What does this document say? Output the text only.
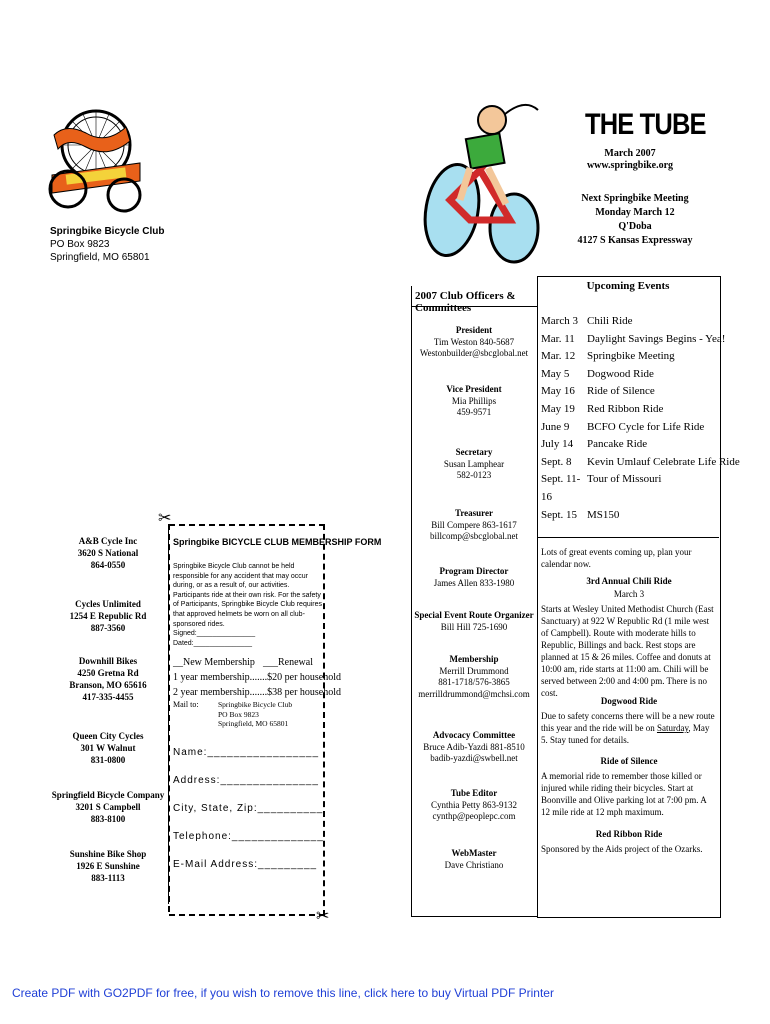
Springbike Bicycle Club
PO Box 9823
Springfield, MO 65801
THE TUBE
March 2007
www.springbike.org
Next Springbike Meeting
Monday March 12
Q'Doba
4127 S Kansas Expressway
2007 Club Officers & Committees
President
Tim Weston 840-5687
Westonbuilder@sbcglobal.net
Vice President
Mia Phillips
459-9571
Secretary
Susan Lamphear
582-0123
Treasurer
Bill Compere 863-1617
billcomp@sbcglobal.net
Program Director
James Allen 833-1980
Special Event Route Organizer
Bill Hill 725-1690
Membership
Merrill Drummond
881-1718/576-3865
merrilldrummond@mchsi.com
Advocacy Committee
Bruce Adib-Yazdi 881-8510
badib-yazdi@swbell.net
Tube Editor
Cynthia Petty 863-9132
cynthp@peoplepc.com
WebMaster
Dave Christiano
Upcoming Events
March 3	Chili Ride
Mar. 11	Daylight Savings Begins - Yea!
Mar. 12	Springbike Meeting
May 5	Dogwood Ride
May 16	Ride of Silence
May 19	Red Ribbon Ride
June 9	BCFO Cycle for Life Ride
July 14	Pancake Ride
Sept. 8	Kevin Umlauf Celebrate Life Ride
Sept. 11-16	Tour of Missouri
Sept. 15	MS150
Lots of great events coming up, plan your calendar now.
3rd Annual Chili Ride
March 3
Starts at Wesley United Methodist Church (East Sanctuary) at 922 W Republic Rd (1 mile west of Campbell). Route with moderate hills to Republic, Billings and back. Rest stops are planned at 15 & 26 miles. Coffee and donuts at 10:00 am, ride starts at 11:00 am. Chili will be served between 2:00 and 4:00 pm. There is no cost.
Dogwood Ride
Due to safety concerns there will be a new route this year and the ride will be on Saturday, May 5. Stay tuned for details.
Ride of Silence
A memorial ride to remember those killed or injured while riding their bicycles. Start at Boonville and Olive parking lot at 7:00 pm. A 12 mile ride at 12 mph maximum.
Red Ribbon Ride
Sponsored by the Aids project of the Ozarks.
A&B Cycle Inc
3620 S National
864-0550
Cycles Unlimited
1254 E Republic Rd
887-3560
Downhill Bikes
4250 Gretna Rd
Branson, MO 65616
417-335-4455
Queen City Cycles
301 W Walnut
831-0800
Springfield Bicycle Company
3201 S Campbell
883-8100
Sunshine Bike Shop
1926 E Sunshine
883-1113
✂
✂
Springbike BICYCLE CLUB MEMBERSHIP FORM
Springbike Bicycle Club cannot be held responsible for any accident that may occur during, or as a result of, our activities. Participants ride at their own risk. For the safety of Participants, Springbike Bicycle Club requires that approved helmets be worn on all club-sponsored rides.
Signed:_______________
Dated:_______________
__New Membership ___Renewal
1 year membership.......$20 per household
2 year membership.......$38 per household
Mail to:	Springbike Bicycle Club
PO Box 9823
Springfield, MO 65801
Name:_________________
Address:_______________
City, State, Zip:__________
Telephone:______________
E-Mail Address:_________
Create PDF with GO2PDF for free, if you wish to remove this line, click here to buy Virtual PDF Printer
